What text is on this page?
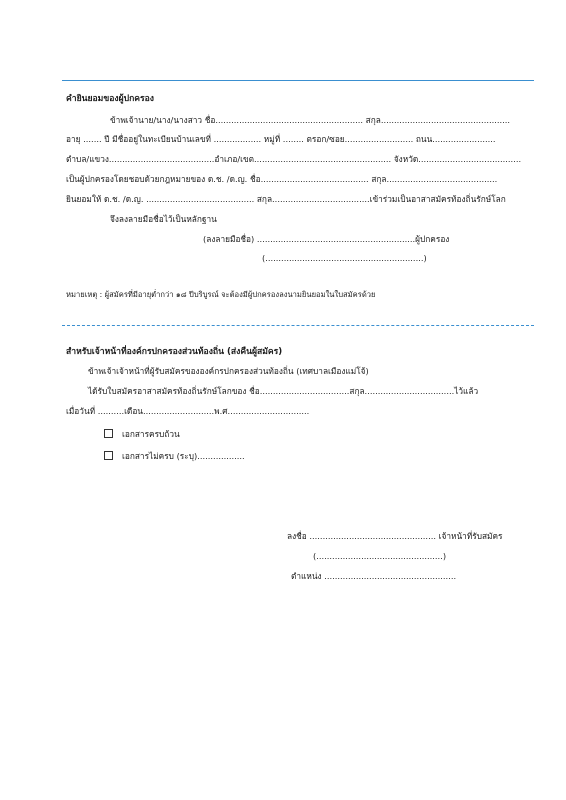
คำยินยอมของผู้ปกครอง
ข้าพเจ้านาย/นาง/นางสาว ชื่อ........................................................ สกุล.................................................
อายุ ....... ปี มีชื่ออยู่ในทะเบียนบ้านเลขที่ .................. หมู่ที่ ........ ตรอก/ซอย.......................... ถนน........................
ตำบล/แขวง........................................อำเภอ/เขต.................................................... จังหวัด.......................................
เป็นผู้ปกครองโดยชอบด้วยกฎหมายของ ด.ช. /ด.ญ. ชื่อ......................................... สกุล..........................................
ยินยอมให้ ด.ช. /ด.ญ. ......................................... สกุล.....................................เข้าร่วมเป็นอาสาสมัครท้องถิ่นรักษ์โลก
จึงลงลายมือชื่อไว้เป็นหลักฐาน
(ลงลายมือชื่อ) ............................................................ผู้ปกครอง
(............................................................)
หมายเหตุ : ผู้สมัครที่มีอายุต่ำกว่า ๑๘ ปีบริบูรณ์ จะต้องมีผู้ปกครองลงนามยินยอมในใบสมัครด้วย
สำหรับเจ้าหน้าที่องค์กรปกครองส่วนท้องถิ่น (ส่งคืนผู้สมัคร)
ข้าพเจ้าเจ้าหน้าที่ผู้รับสมัครขององค์กรปกครองส่วนท้องถิ่น (เทศบาลเมืองแม่โจ้)
ได้รับใบสมัครอาสาสมัครท้องถิ่นรักษ์โลกของ ชื่อ..................................สกุล..................................ไว้แล้ว
เมื่อวันที่ ..........เดือน...........................พ.ศ...............................
เอกสารครบถ้วน
เอกสารไม่ครบ (ระบุ)..................
ลงชื่อ ................................................ เจ้าหน้าที่รับสมัคร
(................................................)
ตำแหน่ง ..................................................
